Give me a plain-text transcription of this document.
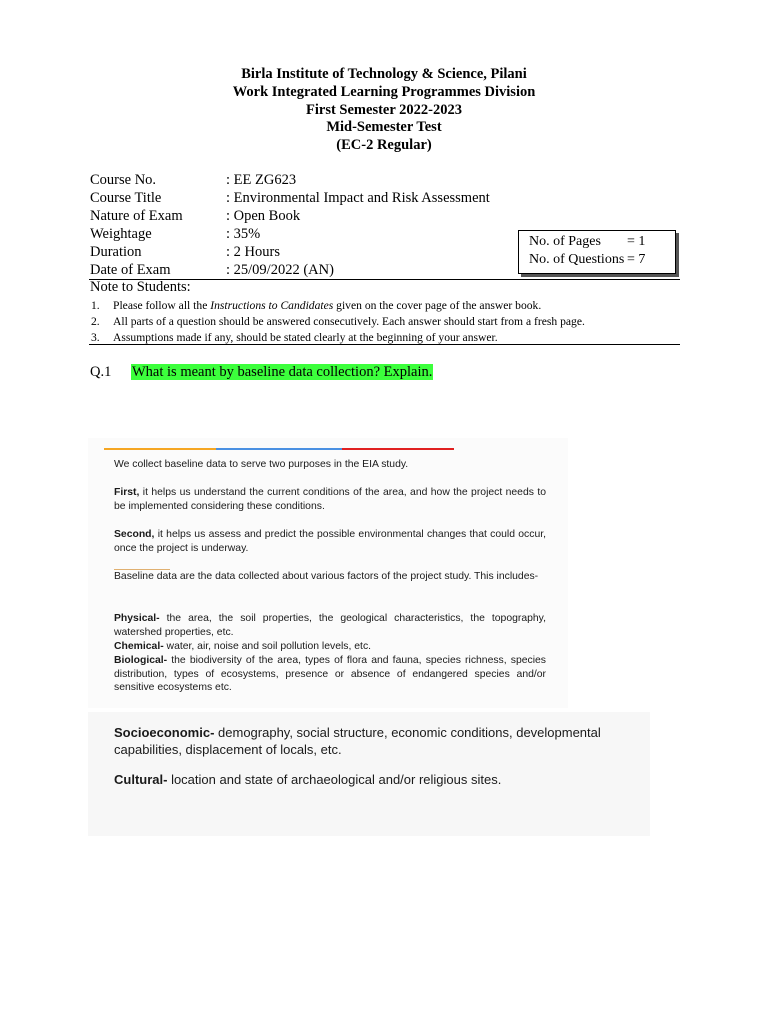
Birla Institute of Technology & Science, Pilani
Work Integrated Learning Programmes Division
First Semester 2022-2023
Mid-Semester Test
(EC-2 Regular)
Course No.	: EE ZG623
Course Title	: Environmental Impact and Risk Assessment
Nature of Exam	: Open Book
Weightage	: 35%
Duration	: 2 Hours
Date of Exam	: 25/09/2022 (AN)
No. of Pages = 1
No. of Questions = 7
Note to Students:
1. Please follow all the Instructions to Candidates given on the cover page of the answer book.
2. All parts of a question should be answered consecutively. Each answer should start from a fresh page.
3. Assumptions made if any, should be stated clearly at the beginning of your answer.
Q.1 What is meant by baseline data collection? Explain.
We collect baseline data to serve two purposes in the EIA study.
First, it helps us understand the current conditions of the area, and how the project needs to be implemented considering these conditions.
Second, it helps us assess and predict the possible environmental changes that could occur, once the project is underway.
Baseline data are the data collected about various factors of the project study. This includes-
Physical- the area, the soil properties, the geological characteristics, the topography, watershed properties, etc.
Chemical- water, air, noise and soil pollution levels, etc.
Biological- the biodiversity of the area, types of flora and fauna, species richness, species distribution, types of ecosystems, presence or absence of endangered species and/or sensitive ecosystems etc.
Socioeconomic- demography, social structure, economic conditions, developmental capabilities, displacement of locals, etc.
Cultural- location and state of archaeological and/or religious sites.
